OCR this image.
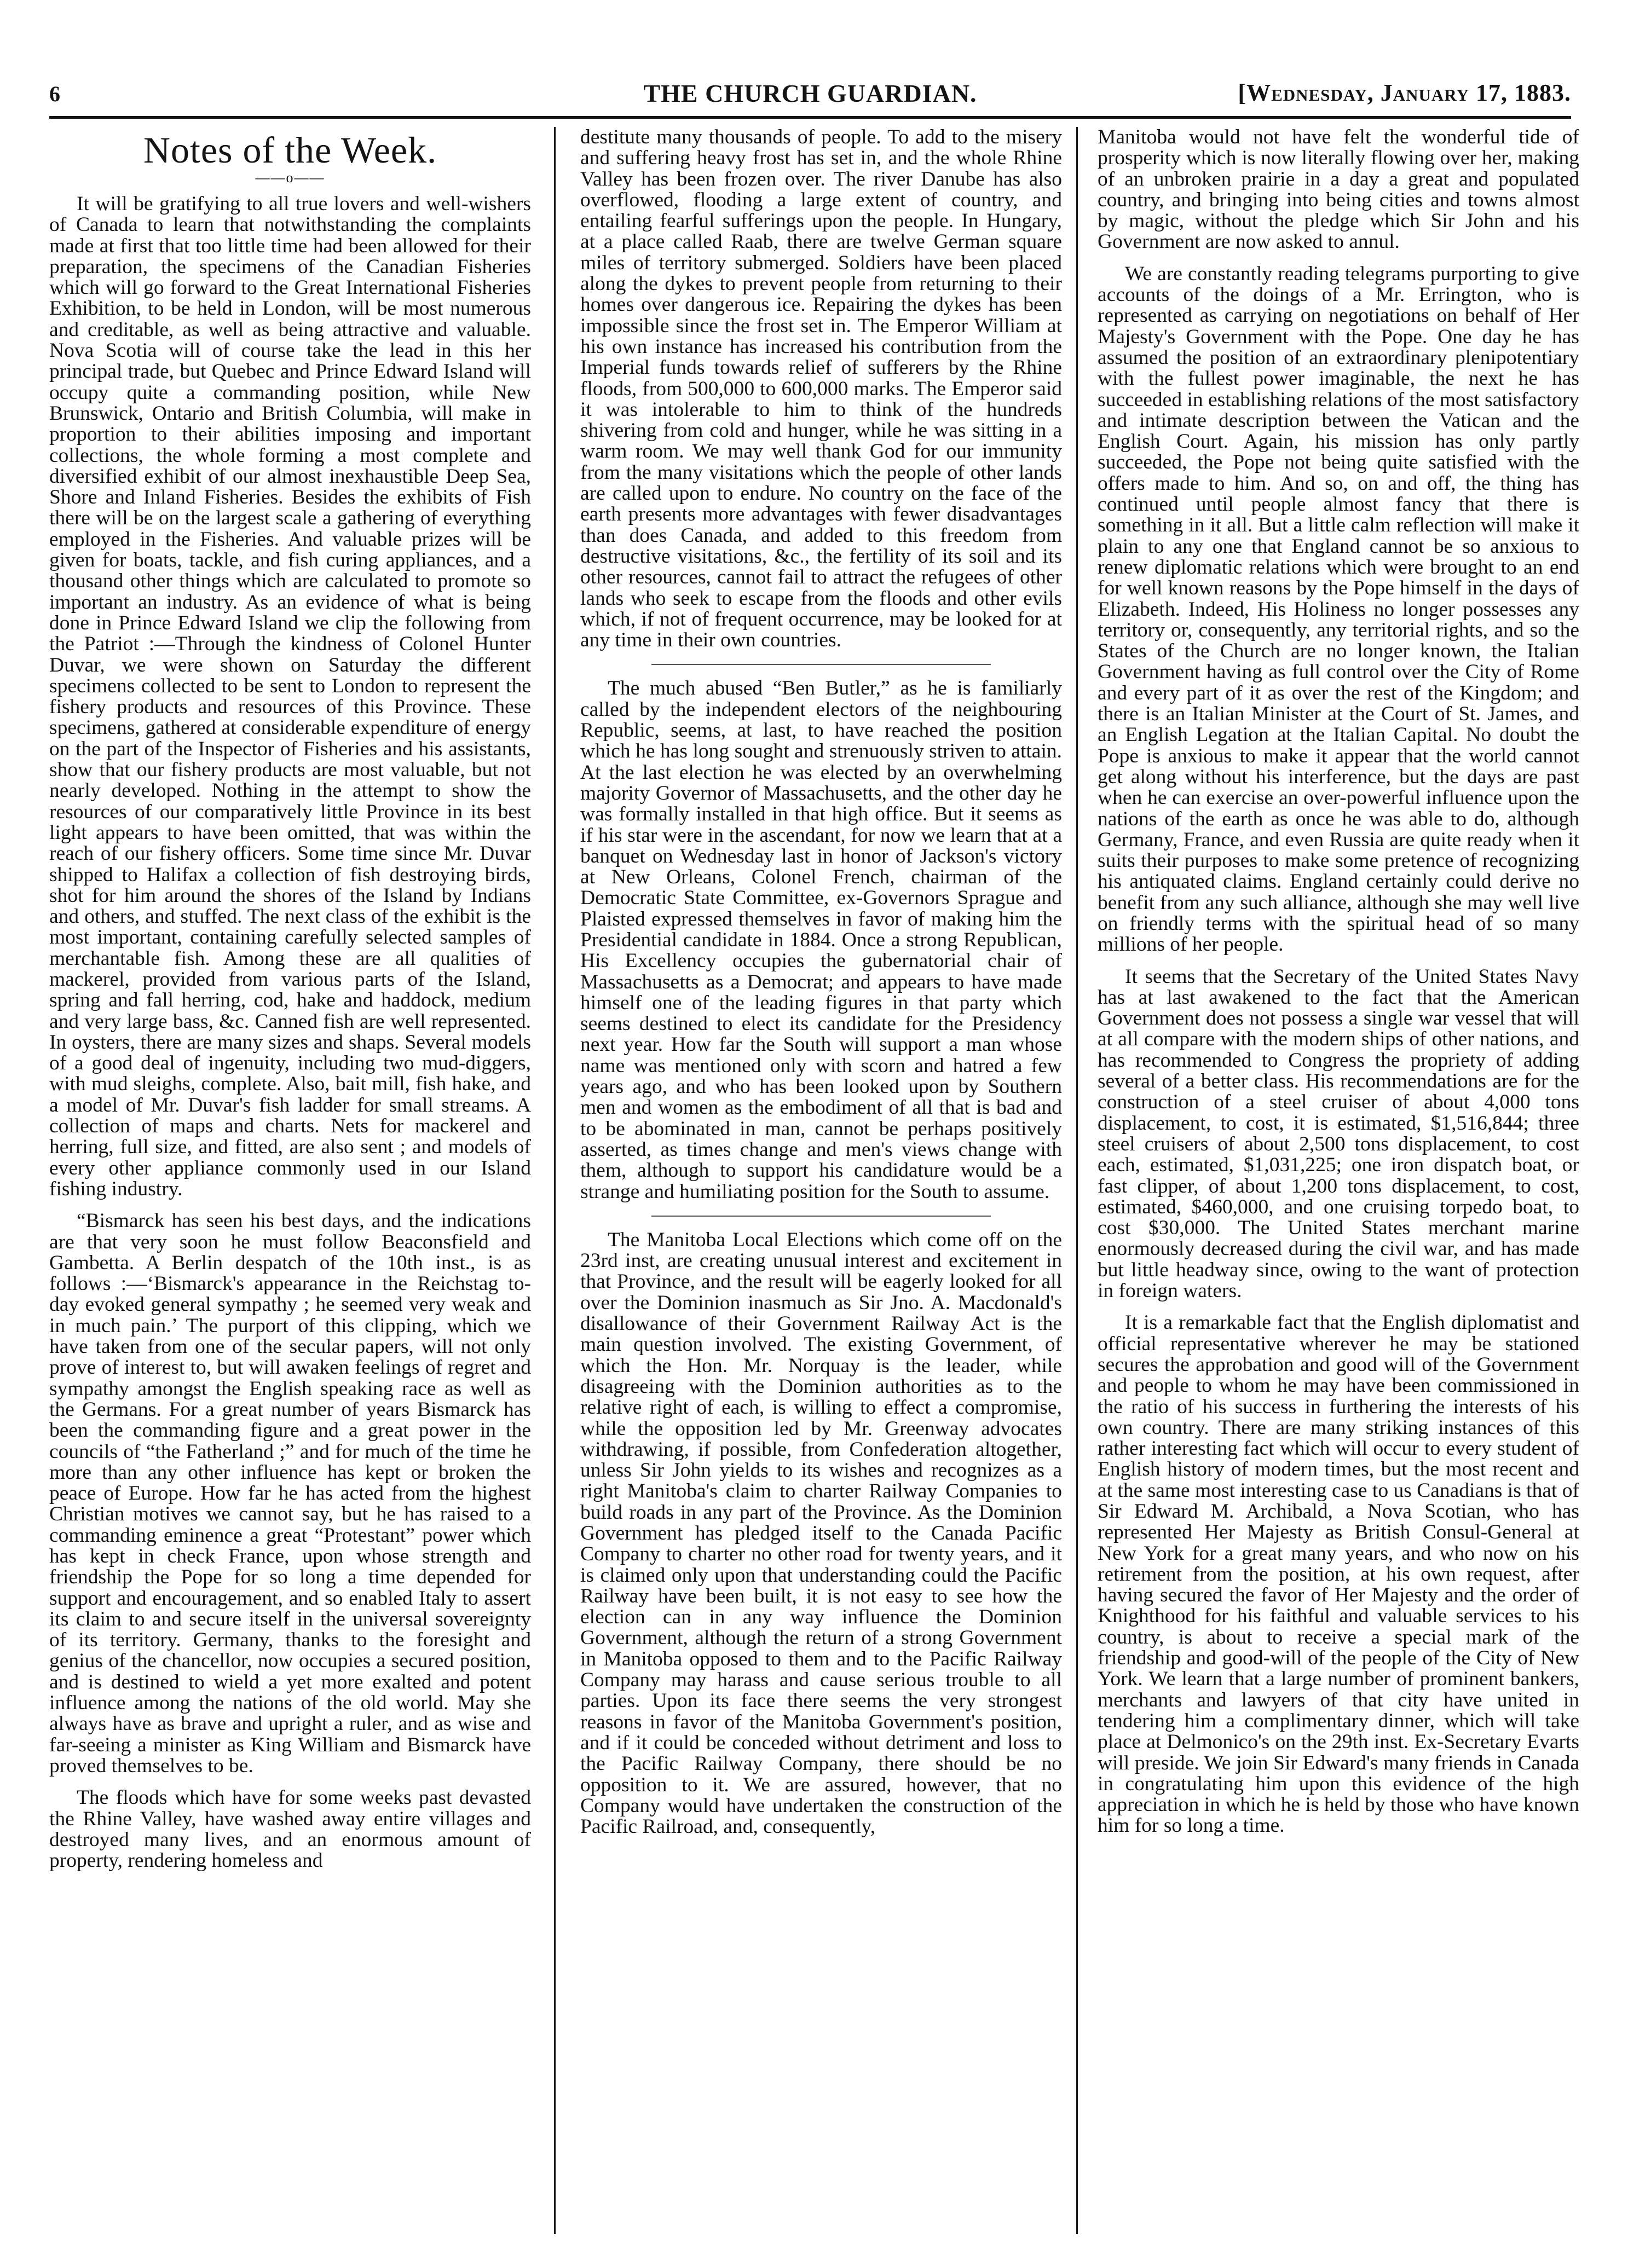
6	THE CHURCH GUARDIAN.	[Wednesday, January 17, 1883.
Notes of the Week.
——o——

It will be gratifying to all true lovers and well-wishers of Canada to learn that notwithstanding the complaints made at first that too little time had been allowed for their preparation, the specimens of the Canadian Fisheries which will go forward to the Great International Fisheries Exhibition, to be held in London, will be most numerous and creditable, as well as being attractive and valuable. Nova Scotia will of course take the lead in this her principal trade, but Quebec and Prince Edward Island will occupy quite a commanding position, while New Brunswick, Ontario and British Columbia, will make in proportion to their abilities imposing and important collections, the whole forming a most complete and diversified exhibit of our almost inexhaustible Deep Sea, Shore and Inland Fisheries. Besides the exhibits of Fish there will be on the largest scale a gathering of everything employed in the Fisheries. And valuable prizes will be given for boats, tackle, and fish curing appliances, and a thousand other things which are calculated to promote so important an industry. As an evidence of what is being done in Prince Edward Island we clip the following from the Patriot :—Through the kindness of Colonel Hunter Duvar, we were shown on Saturday the different specimens collected to be sent to London to represent the fishery products and resources of this Province. These specimens, gathered at considerable expenditure of energy on the part of the Inspector of Fisheries and his assistants, show that our fishery products are most valuable, but not nearly developed. Nothing in the attempt to show the resources of our comparatively little Province in its best light appears to have been omitted, that was within the reach of our fishery officers. Some time since Mr. Duvar shipped to Halifax a collection of fish destroying birds, shot for him around the shores of the Island by Indians and others, and stuffed. The next class of the exhibit is the most important, containing carefully selected samples of merchantable fish. Among these are all qualities of mackerel, provided from various parts of the Island, spring and fall herring, cod, hake and haddock, medium and very large bass, &c. Canned fish are well represented. In oysters, there are many sizes and shaps. Several models of a good deal of ingenuity, including two mud-diggers, with mud sleighs, complete. Also, bait mill, fish hake, and a model of Mr. Duvar's fish ladder for small streams. A collection of maps and charts. Nets for mackerel and herring, full size, and fitted, are also sent ; and models of every other appliance commonly used in our Island fishing industry.

“Bismarck has seen his best days, and the indications are that very soon he must follow Beaconsfield and Gambetta. A Berlin despatch of the 10th inst., is as follows :—‘Bismarck's appearance in the Reichstag to-day evoked general sympathy ; he seemed very weak and in much pain.’ The purport of this clipping, which we have taken from one of the secular papers, will not only prove of interest to, but will awaken feelings of regret and sympathy amongst the English speaking race as well as the Germans. For a great number of years Bismarck has been the commanding figure and a great power in the councils of “the Fatherland ;” and for much of the time he more than any other influence has kept or broken the peace of Europe. How far he has acted from the highest Christian motives we cannot say, but he has raised to a commanding eminence a great “Protestant” power which has kept in check France, upon whose strength and friendship the Pope for so long a time depended for support and encouragement, and so enabled Italy to assert its claim to and secure itself in the universal sovereignty of its territory. Germany, thanks to the foresight and genius of the chancellor, now occupies a secured position, and is destined to wield a yet more exalted and potent influence among the nations of the old world. May she always have as brave and upright a ruler, and as wise and far-seeing a minister as King William and Bismarck have proved themselves to be.

The floods which have for some weeks past devasted the Rhine Valley, have washed away entire villages and destroyed many lives, and an enormous amount of property, rendering homeless and

destitute many thousands of people. To add to the misery and suffering heavy frost has set in, and the whole Rhine Valley has been frozen over. The river Danube has also overflowed, flooding a large extent of country, and entailing fearful sufferings upon the people. In Hungary, at a place called Raab, there are twelve German square miles of territory submerged. Soldiers have been placed along the dykes to prevent people from returning to their homes over dangerous ice. Repairing the dykes has been impossible since the frost set in. The Emperor William at his own instance has increased his contribution from the Imperial funds towards relief of sufferers by the Rhine floods, from 500,000 to 600,000 marks. The Emperor said it was intolerable to him to think of the hundreds shivering from cold and hunger, while he was sitting in a warm room. We may well thank God for our immunity from the many visitations which the people of other lands are called upon to endure. No country on the face of the earth presents more advantages with fewer disadvantages than does Canada, and added to this freedom from destructive visitations, &c., the fertility of its soil and its other resources, cannot fail to attract the refugees of other lands who seek to escape from the floods and other evils which, if not of frequent occurrence, may be looked for at any time in their own countries.

The much abused “Ben Butler,” as he is familiarly called by the independent electors of the neighbouring Republic, seems, at last, to have reached the position which he has long sought and strenuously striven to attain. At the last election he was elected by an overwhelming majority Governor of Massachusetts, and the other day he was formally installed in that high office. But it seems as if his star were in the ascendant, for now we learn that at a banquet on Wednesday last in honor of Jackson's victory at New Orleans, Colonel French, chairman of the Democratic State Committee, ex-Governors Sprague and Plaisted expressed themselves in favor of making him the Presidential candidate in 1884. Once a strong Republican, His Excellency occupies the gubernatorial chair of Massachusetts as a Democrat; and appears to have made himself one of the leading figures in that party which seems destined to elect its candidate for the Presidency next year. How far the South will support a man whose name was mentioned only with scorn and hatred a few years ago, and who has been looked upon by Southern men and women as the embodiment of all that is bad and to be abominated in man, cannot be perhaps positively asserted, as times change and men's views change with them, although to support his candidature would be a strange and humiliating position for the South to assume.

The Manitoba Local Elections which come off on the 23rd inst, are creating unusual interest and excitement in that Province, and the result will be eagerly looked for all over the Dominion inasmuch as Sir Jno. A. Macdonald's disallowance of their Government Railway Act is the main question involved. The existing Government, of which the Hon. Mr. Norquay is the leader, while disagreeing with the Dominion authorities as to the relative right of each, is willing to effect a compromise, while the opposition led by Mr. Greenway advocates withdrawing, if possible, from Confederation altogether, unless Sir John yields to its wishes and recognizes as a right Manitoba's claim to charter Railway Companies to build roads in any part of the Province. As the Dominion Government has pledged itself to the Canada Pacific Company to charter no other road for twenty years, and it is claimed only upon that understanding could the Pacific Railway have been built, it is not easy to see how the election can in any way influence the Dominion Government, although the return of a strong Government in Manitoba opposed to them and to the Pacific Railway Company may harass and cause serious trouble to all parties. Upon its face there seems the very strongest reasons in favor of the Manitoba Government's position, and if it could be conceded without detriment and loss to the Pacific Railway Company, there should be no opposition to it. We are assured, however, that no Company would have undertaken the construction of the Pacific Railroad, and, consequently,

Manitoba would not have felt the wonderful tide of prosperity which is now literally flowing over her, making of an unbroken prairie in a day a great and populated country, and bringing into being cities and towns almost by magic, without the pledge which Sir John and his Government are now asked to annul.

We are constantly reading telegrams purporting to give accounts of the doings of a Mr. Errington, who is represented as carrying on negotiations on behalf of Her Majesty's Government with the Pope. One day he has assumed the position of an extraordinary plenipotentiary with the fullest power imaginable, the next he has succeeded in establishing relations of the most satisfactory and intimate description between the Vatican and the English Court. Again, his mission has only partly succeeded, the Pope not being quite satisfied with the offers made to him. And so, on and off, the thing has continued until people almost fancy that there is something in it all. But a little calm reflection will make it plain to any one that England cannot be so anxious to renew diplomatic relations which were brought to an end for well known reasons by the Pope himself in the days of Elizabeth. Indeed, His Holiness no longer possesses any territory or, consequently, any territorial rights, and so the States of the Church are no longer known, the Italian Government having as full control over the City of Rome and every part of it as over the rest of the Kingdom; and there is an Italian Minister at the Court of St. James, and an English Legation at the Italian Capital. No doubt the Pope is anxious to make it appear that the world cannot get along without his interference, but the days are past when he can exercise an over-powerful influence upon the nations of the earth as once he was able to do, although Germany, France, and even Russia are quite ready when it suits their purposes to make some pretence of recognizing his antiquated claims. England certainly could derive no benefit from any such alliance, although she may well live on friendly terms with the spiritual head of so many millions of her people.

It seems that the Secretary of the United States Navy has at last awakened to the fact that the American Government does not possess a single war vessel that will at all compare with the modern ships of other nations, and has recommended to Congress the propriety of adding several of a better class. His recommendations are for the construction of a steel cruiser of about 4,000 tons displacement, to cost, it is estimated, $1,516,844; three steel cruisers of about 2,500 tons displacement, to cost each, estimated, $1,031,225; one iron dispatch boat, or fast clipper, of about 1,200 tons displacement, to cost, estimated, $460,000, and one cruising torpedo boat, to cost $30,000. The United States merchant marine enormously decreased during the civil war, and has made but little headway since, owing to the want of protection in foreign waters.

It is a remarkable fact that the English diplomatist and official representative wherever he may be stationed secures the approbation and good will of the Government and people to whom he may have been commissioned in the ratio of his success in furthering the interests of his own country. There are many striking instances of this rather interesting fact which will occur to every student of English history of modern times, but the most recent and at the same most interesting case to us Canadians is that of Sir Edward M. Archibald, a Nova Scotian, who has represented Her Majesty as British Consul-General at New York for a great many years, and who now on his retirement from the position, at his own request, after having secured the favor of Her Majesty and the order of Knighthood for his faithful and valuable services to his country, is about to receive a special mark of the friendship and good-will of the people of the City of New York. We learn that a large number of prominent bankers, merchants and lawyers of that city have united in tendering him a complimentary dinner, which will take place at Delmonico's on the 29th inst. Ex-Secretary Evarts will preside. We join Sir Edward's many friends in Canada in congratulating him upon this evidence of the high appreciation in which he is held by those who have known him for so long a time.
